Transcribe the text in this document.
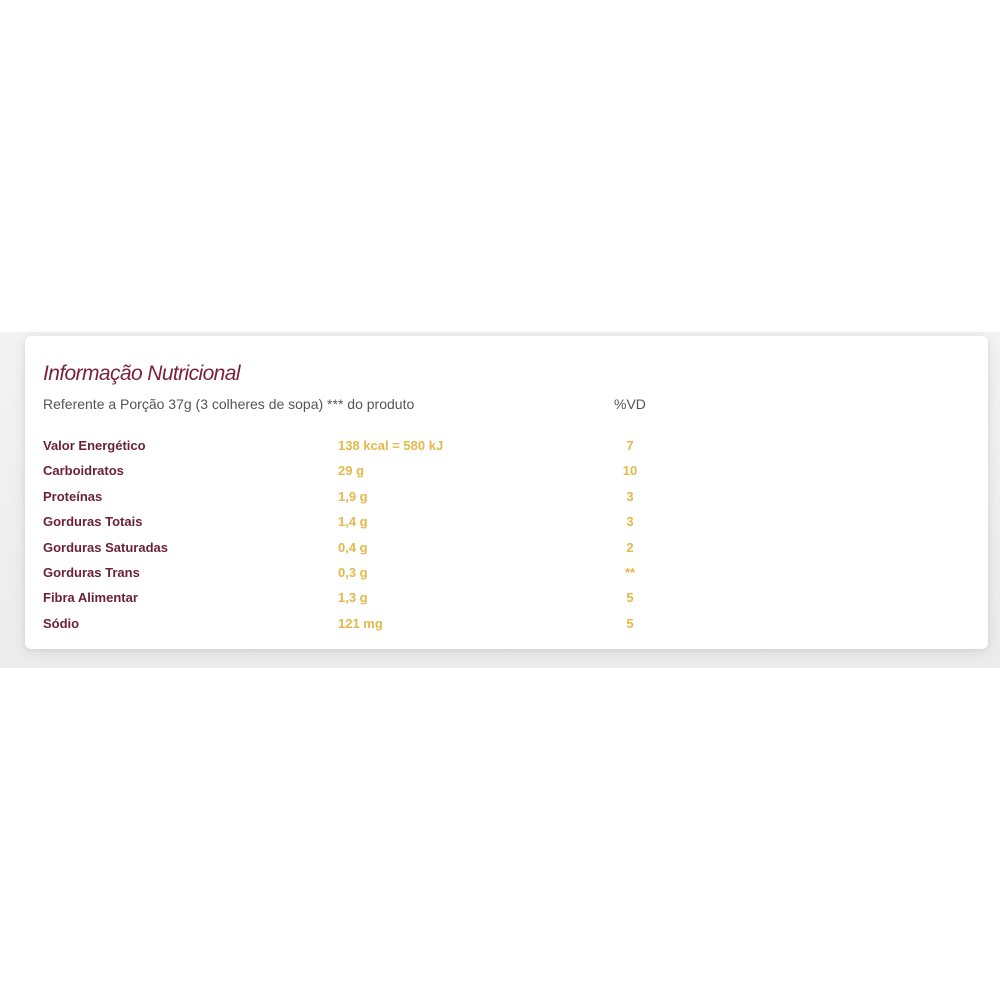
Informação Nutricional
Referente a Porção 37g (3 colheres de sopa) *** do produto	%VD
Valor Energético	138 kcal = 580 kJ	7
Carboidratos	29 g	10
Proteínas	1,9 g	3
Gorduras Totais	1,4 g	3
Gorduras Saturadas	0,4 g	2
Gorduras Trans	0,3 g	**
Fibra Alimentar	1,3 g	5
Sódio	121 mg	5
